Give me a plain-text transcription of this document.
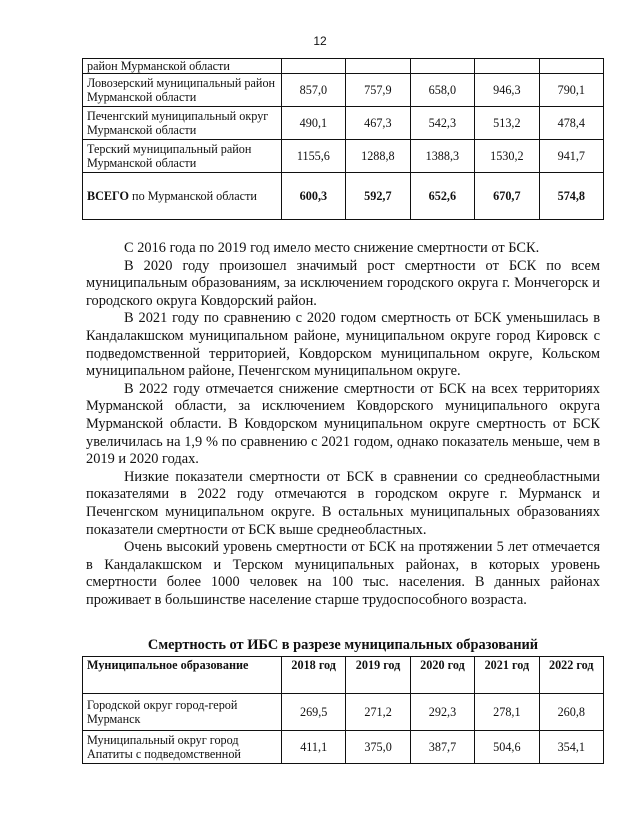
12
район Мурманской области					
Ловозерский муниципальный район Мурманской области	857,0	757,9	658,0	946,3	790,1
Печенгский муниципальный округ Мурманской области	490,1	467,3	542,3	513,2	478,4
Терский муниципальный район Мурманской области	1155,6	1288,8	1388,3	1530,2	941,7
ВСЕГО по Мурманской области	600,3	592,7	652,6	670,7	574,8

С 2016 года по 2019 год имело место снижение смертности от БСК.

В 2020 году произошел значимый рост смертности от БСК по всем муниципальным образованиям, за исключением городского округа г. Мончегорск и городского округа Ковдорский район.

В 2021 году по сравнению с 2020 годом смертность от БСК уменьшилась в Кандалакшском муниципальном районе, муниципальном округе город Кировск с подведомственной территорией, Ковдорском муниципальном округе, Кольском муниципальном районе, Печенгском муниципальном округе.

В 2022 году отмечается снижение смертности от БСК на всех территориях Мурманской области, за исключением Ковдорского муниципального округа Мурманской области. В Ковдорском муниципальном округе смертность от БСК увеличилась на 1,9 % по сравнению с 2021 годом, однако показатель меньше, чем в 2019 и 2020 годах.

Низкие показатели смертности от БСК в сравнении со среднеобластными показателями в 2022 году отмечаются в городском округе г. Мурманск и Печенгском муниципальном округе. В остальных муниципальных образованиях показатели смертности от БСК выше среднеобластных.

Очень высокий уровень смертности от БСК на протяжении 5 лет отмечается в Кандалакшском и Терском муниципальных районах, в которых уровень смертности более 1000 человек на 100 тыс. населения. В данных районах проживает в большинстве население старше трудоспособного возраста.

Смертность от ИБС в разрезе муниципальных образований
Муниципальное образование	2018 год	2019 год	2020 год	2021 год	2022 год
Городской округ город-герой Мурманск	269,5	271,2	292,3	278,1	260,8
Муниципальный округ город Апатиты с подведомственной	411,1	375,0	387,7	504,6	354,1
